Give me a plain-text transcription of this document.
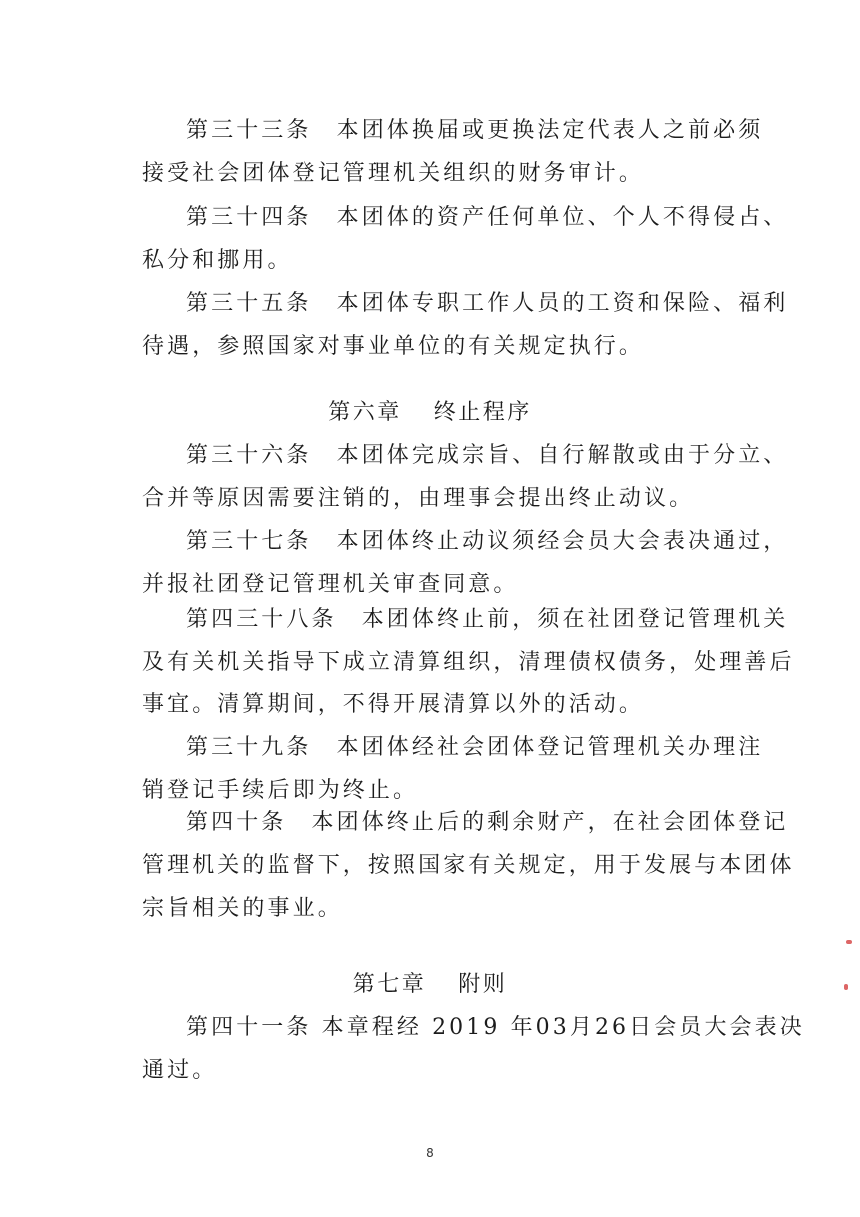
第三十三条　本团体换届或更换法定代表人之前必须
接受社会团体登记管理机关组织的财务审计。
第三十四条　本团体的资产任何单位、个人不得侵占、
私分和挪用。
第三十五条　本团体专职工作人员的工资和保险、福利
待遇，参照国家对事业单位的有关规定执行。
第六章 终止程序
第三十六条　本团体完成宗旨、自行解散或由于分立、
合并等原因需要注销的，由理事会提出终止动议。
第三十七条　本团体终止动议须经会员大会表决通过，
并报社团登记管理机关审查同意。
第四三十八条　本团体终止前，须在社团登记管理机关
及有关机关指导下成立清算组织，清理债权债务，处理善后
事宜。清算期间，不得开展清算以外的活动。
第三十九条　本团体经社会团体登记管理机关办理注
销登记手续后即为终止。
第四十条　本团体终止后的剩余财产，在社会团体登记
管理机关的监督下，按照国家有关规定，用于发展与本团体
宗旨相关的事业。
第七章 附则
第四十一条 本章程经 2019 年03月26日会员大会表决
通过。
8
